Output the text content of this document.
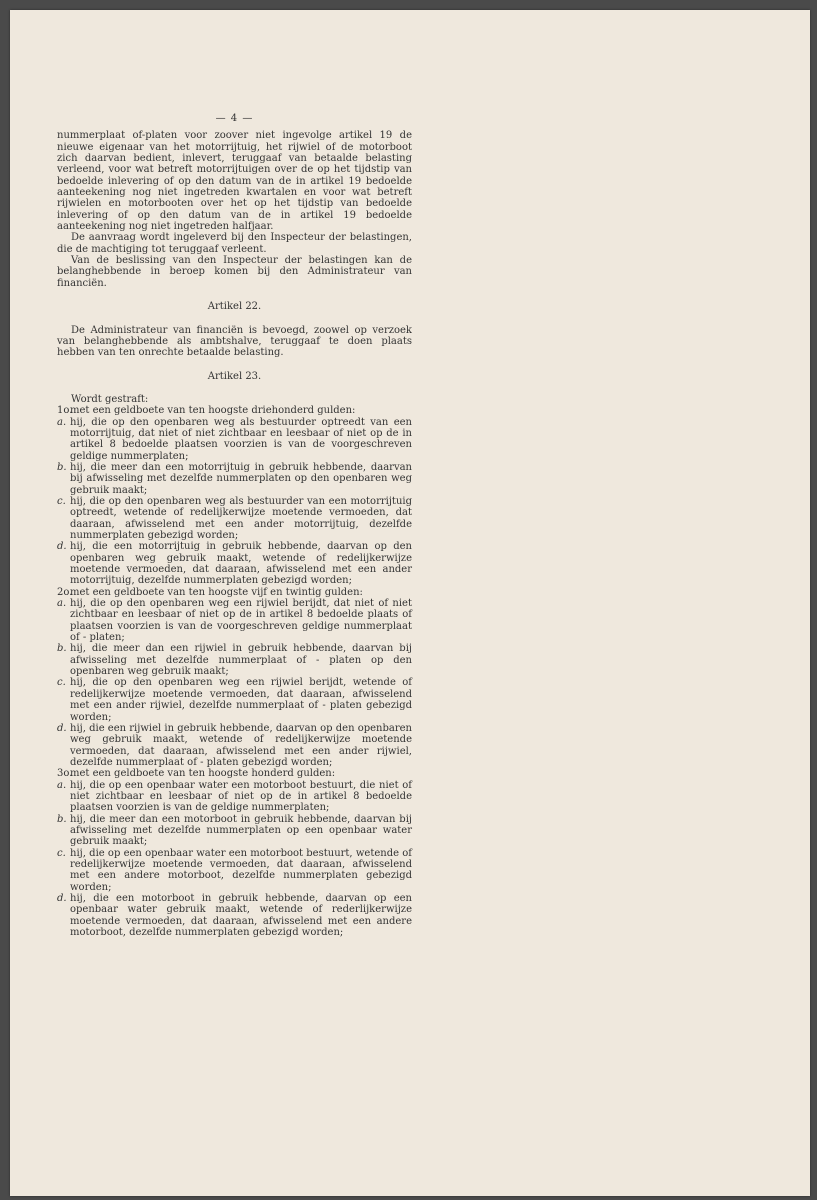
— 4 —

nummerplaat of-platen voor zoover niet ingevolge artikel 19 de nieuwe eigenaar van het motorrijtuig, het rijwiel of de motorboot zich daarvan bedient, inlevert, teruggaaf van betaalde belasting verleend, voor wat betreft motorrijtuigen over de op het tijdstip van bedoelde inlevering of op den datum van de in artikel 19 bedoelde aanteekening nog niet ingetreden kwartalen en voor wat betreft rijwielen en motorbooten over het op het tijdstip van bedoelde inlevering of op den datum van de in artikel 19 bedoelde aanteekening nog niet ingetreden halfjaar.

De aanvraag wordt ingeleverd bij den Inspecteur der belastingen, die de machtiging tot teruggaaf verleent.

Van de beslissing van den Inspecteur der belastingen kan de belanghebbende in beroep komen bij den Administrateur van financiën.

Artikel 22.

De Administrateur van financiën is bevoegd, zoowel op verzoek van belanghebbende als ambtshalve, teruggaaf te doen plaats hebben van ten onrechte betaalde belasting.

Artikel 23.

Wordt gestraft:

1o.
met een geldboete van ten hoogste driehonderd gulden:
a. hij, die op den openbaren weg als bestuurder optreedt van een motorrijtuig, dat niet of niet zichtbaar en leesbaar of niet op de in artikel 8 bedoelde plaatsen voorzien is van de voorgeschreven geldige nummerplaten;
b. hij, die meer dan een motorrijtuig in gebruik hebbende, daarvan bij afwisseling met dezelfde nummerplaten op den openbaren weg gebruik maakt;
c. hij, die op den openbaren weg als bestuurder van een motorrijtuig optreedt, wetende of redelijkerwijze moetende vermoeden, dat daaraan, afwisselend met een ander motorrijtuig, dezelfde nummerplaten gebezigd worden;
d. hij, die een motorrijtuig in gebruik hebbende, daarvan op den openbaren weg gebruik maakt, wetende of redelijkerwijze moetende vermoeden, dat daaraan, afwisselend met een ander motorrijtuig, dezelfde nummerplaten gebezigd worden;
2o.
met een geldboete van ten hoogste vijf en twintig gulden:
a. hij, die op den openbaren weg een rijwiel berijdt, dat niet of niet zichtbaar en leesbaar of niet op de in artikel 8 bedoelde plaats of plaatsen voorzien is van de voorgeschreven geldige nummerplaat of - platen;
b. hij, die meer dan een rijwiel in gebruik hebbende, daarvan bij afwisseling met dezelfde nummerplaat of - platen op den openbaren weg gebruik maakt;
c. hij, die op den openbaren weg een rijwiel berijdt, wetende of redelijkerwijze moetende vermoeden, dat daaraan, afwisselend met een ander rijwiel, dezelfde nummerplaat of - platen gebezigd worden;
d. hij, die een rijwiel in gebruik hebbende, daarvan op den openbaren weg gebruik maakt, wetende of redelijkerwijze moetende vermoeden, dat daaraan, afwisselend met een ander rijwiel, dezelfde nummerplaat of - platen gebezigd worden;
3o.
met een geldboete van ten hoogste honderd gulden:
a. hij, die op een openbaar water een motorboot bestuurt, die niet of niet zichtbaar en leesbaar of niet op de in artikel 8 bedoelde plaatsen voorzien is van de geldige nummerplaten;
b. hij, die meer dan een motorboot in gebruik hebbende, daarvan bij afwisseling met dezelfde nummerplaten op een openbaar water gebruik maakt;
c. hij, die op een openbaar water een motorboot bestuurt, wetende of redelijkerwijze moetende vermoeden, dat daaraan, afwisselend met een andere motorboot, dezelfde nummerplaten gebezigd worden;
d. hij, die een motorboot in gebruik hebbende, daarvan op een openbaar water gebruik maakt, wetende of rederlijkerwijze moetende vermoeden, dat daaraan, afwisselend met een andere motorboot, dezelfde nummerplaten gebezigd worden;
